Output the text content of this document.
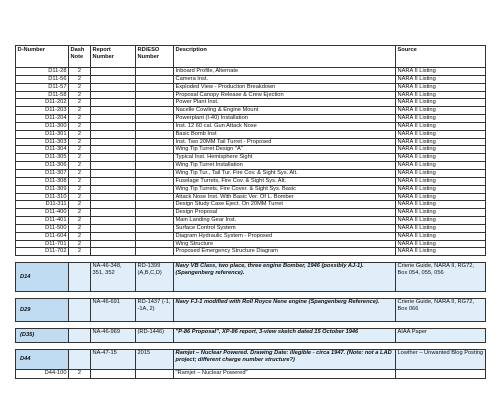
D-Number	Dash Note	Report Number	RD/ESO Number	Description	Source
D11-28	2			Inboard Profile, Alternate	NARA II Listing
D11-56	2			Camera Inst.	NARA II Listing
D11-57	2			Exploded View - Production Breakdown	NARA II Listing
D11-58	2			Proposal Canopy Release & Crew Ejection	NARA II Listing
D11-202	2			Power Plant Inst.	NARA II Listing
D11-203	2			Nacelle Cowling & Engine Mount	NARA II Listing
D11-204	2			Powerplant (I-40) Installation	NARA II Listing
D11-300	2			Inst. 12 60 cal. Gun Attack Nose	NARA II Listing
D11-301	2			Basic Bomb Inst	NARA II Listing
D11-303	2			Inst. Two 20MM Tail Turret - Proposed	NARA II Listing
D11-304	2			Wing Tip Turret Design "A"	NARA II Listing
D11-305	2			Typical Inst. Hemisphere Sight	NARA II Listing
D11-306	2			Wing Tip Turret Installation	NARA II Listing
D11-307	2			Wing Tip Tur., Tail Tur. Fire Cov. & Sight Sys. Alt.	NARA II Listing
D11-308	2			Fuselage Turrets, Fire Cov. & Sight Sys. Alt.	NARA II Listing
D11-309	2			Wing Tip Turrets, Fire Cover. & Sight Sys. Basic	NARA II Listing
D11-310	2			Attack Nose Inst. With Basic Ver. Of L. Bomber	NARA II Listing
D11-311	2			Design Study Case Eject. On 20MM Turret	NARA II Listing
D11-400	2			Design Proposal	NARA II Listing
D11-401	2			Main Landing Gear Inst.	NARA II Listing
D11-500	2			Surface Control System	NARA II Listing
D11-604	2			Diagram Hydraulic System - Proposed	NARA II Listing
D11-701	2			Wing Structure	NARA II Listing
D11-702	2			Proposed Emergency Structure Diagram	NARA II Listing

D14		NA-46-348, 351, 352	RD-1399 (A,B,C,D)	Navy VB Class, two place, three engine Bomber, 1946 (possibly AJ-1). (Spangenberg reference).	Crierie Guide, NARA II, RG72, Box 054, 055, 056

D29		NA-46-691	RD-1437 (-1, -1A, 2)	Navy FJ-1 modified with Roll Royce Nene engine (Spangenberg Reference).	Crierie Guide, NARA II, RG72, Box 066

(D35)		NA-46-969	(RD-1446)	"P-86 Proposal", XP-86 report, 3-view sketch dated 15 October 1946	AIAA Paper

D44		NA-47-15	2015	Ramjet – Nuclear Powered. Drawing Date: illegible - circa 1947. (Note: not a LAD project; different charge number structure?)	Lowther – Unwanted Blog Posting
D44-100	2			"Ramjet – Nuclear Powered"	
